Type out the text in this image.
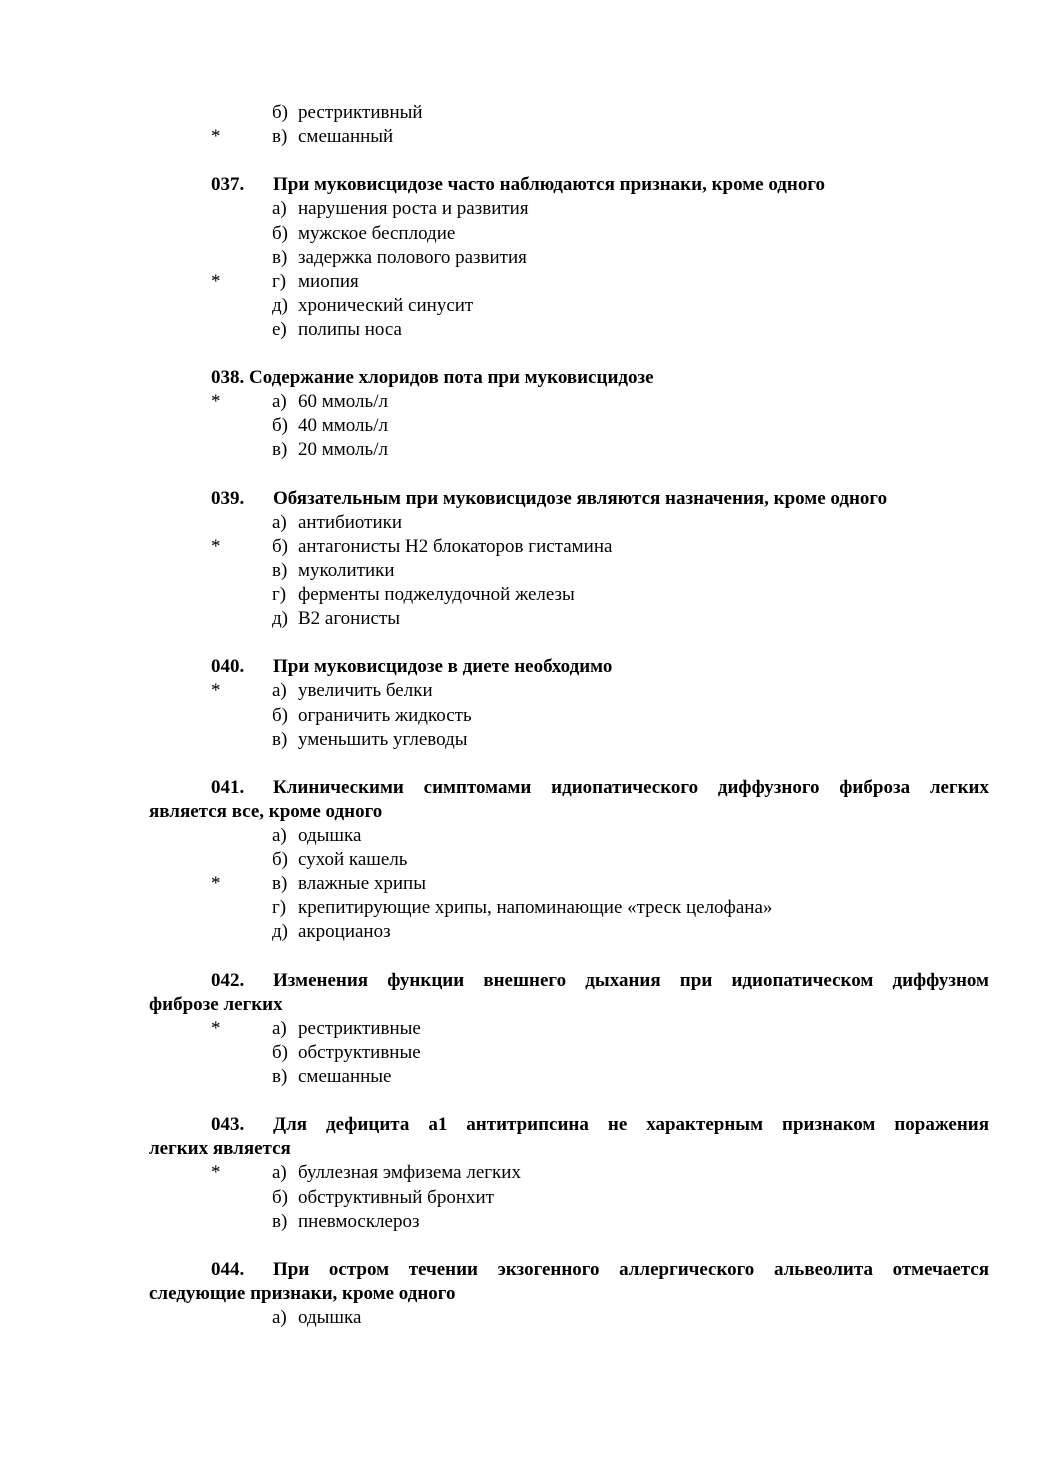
б) рестриктивный
*	в) смешанный
037. При муковисцидозе часто наблюдаются признаки, кроме одного
а) нарушения роста и развития
б) мужское бесплодие
в) задержка полового развития
*	г) миопия
д) хронический синусит
е) полипы носа
038. Содержание хлоридов пота при муковисцидозе
*	а) 60 ммоль/л
б) 40 ммоль/л
в) 20 ммоль/л
039. Обязательным при муковисцидозе являются назначения, кроме одного
а) антибиотики
*	б) антагонисты Н2 блокаторов гистамина
в) муколитики
г) ферменты поджелудочной железы
д) В2 агонисты
040. При муковисцидозе в диете необходимо
*	а) увеличить белки
б) ограничить жидкость
в) уменьшить углеводы
041. Клиническими симптомами идиопатического диффузного фиброза легких
является все, кроме одного
а) одышка
б) сухой кашель
*	в) влажные хрипы
г) крепитирующие хрипы, напоминающие «треск целофана»
д) акроцианоз
042. Изменения функции внешнего дыхания при идиопатическом диффузном
фиброзе легких
*	а) рестриктивные
б) обструктивные
в) смешанные
043. Для дефицита а1 антитрипсина не характерным признаком поражения
легких является
*	а) буллезная эмфизема легких
б) обструктивный бронхит
в) пневмосклероз
044. При остром течении экзогенного аллергического альвеолита отмечается
следующие признаки, кроме одного
а) одышка
